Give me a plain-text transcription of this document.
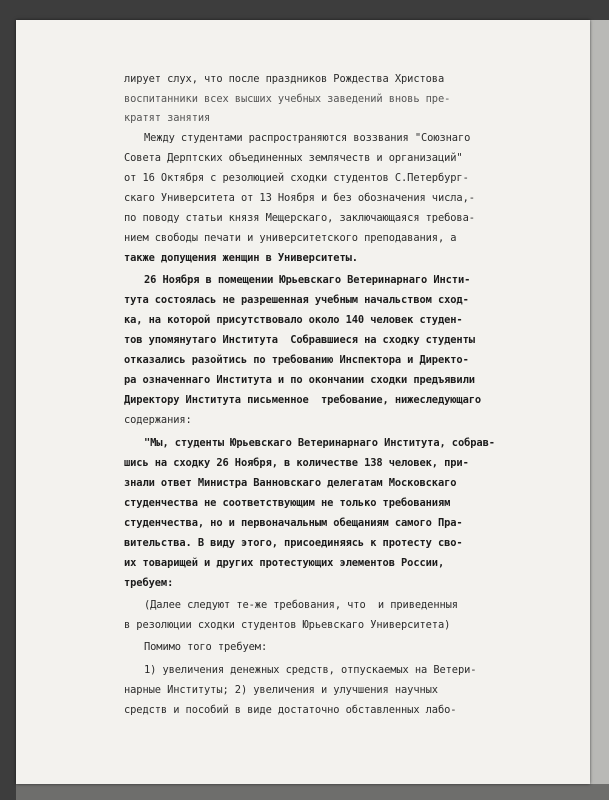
лирует слух, что после праздников Рождества Христова
воспитанники всех высших учебных заведений вновь пре-
кратят занятия
Между студентами распространяются воззвания "Союзнаго
Совета Дерптских объединенных землячеств и организаций"
от 16 Октября с резолюцией сходки студентов С.Петербург-
скаго Университета от 13 Ноября и без обозначения числа,-
по поводу статьи князя Мещерскаго, заключающаяся требова-
нием свободы печати и университетского преподавания, а
также допущения женщин в Университеты.
26 Ноября в помещении Юрьевскаго Ветеринарнаго Инсти-
тута состоялась не разрешенная учебным начальством сход-
ка, на которой присутствовало около 140 человек студен-
тов упомянутаго Института  Собравшиеся на сходку студенты
отказались разойтись по требованию Инспектора и Директо-
ра означеннаго Института и по окончании сходки предъявили
Директору Института письменное  требование, нижеследующаго
содержания:
"Мы, студенты Юрьевскаго Ветеринарнаго Института, собрав-
шись на сходку 26 Ноября, в количестве 138 человек, при-
знали ответ Министра Ванновскаго делегатам Московскаго
студенчества не соответствующим не только требованиям
студенчества, но и первоначальным обещаниям самого Пра-
вительства. В виду этого, присоединяясь к протесту сво-
их товарищей и других протестующих элементов России,
требуем:
(Далее следуют те-же требования, что  и приведенныя
в резолюции сходки студентов Юрьевскаго Университета)
Помимо того требуем:
1) увеличения денежных средств, отпускаемых на Ветери-
нарные Институты; 2) увеличения и улучшения научных
средств и пособий в виде достаточно обставленных лабо-
